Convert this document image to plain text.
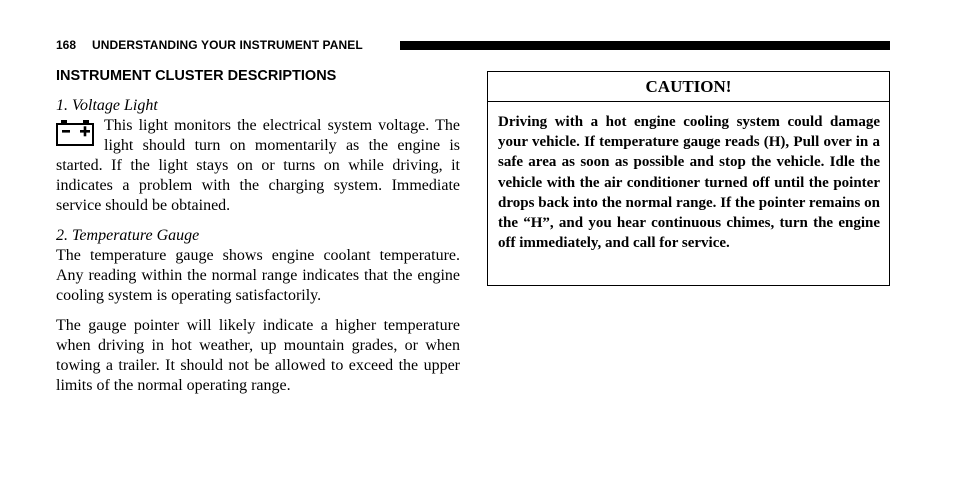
168 UNDERSTANDING YOUR INSTRUMENT PANEL
INSTRUMENT CLUSTER DESCRIPTIONS

1. Voltage Light

This light monitors the electrical system voltage. The light should turn on momentarily as the engine is started. If the light stays on or turns on while driving, it indicates a problem with the charging system. Immediate service should be obtained.

2. Temperature Gauge

The temperature gauge shows engine coolant temperature. Any reading within the normal range indicates that the engine cooling system is operating satisfactorily.

The gauge pointer will likely indicate a higher temperature when driving in hot weather, up mountain grades, or when towing a trailer. It should not be allowed to exceed the upper limits of the normal operating range.

CAUTION!

Driving with a hot engine cooling system could damage your vehicle. If temperature gauge reads (H), Pull over in a safe area as soon as possible and stop the vehicle. Idle the vehicle with the air conditioner turned off until the pointer drops back into the normal range. If the pointer remains on the “H”, and you hear continuous chimes, turn the engine off immediately, and call for service.
